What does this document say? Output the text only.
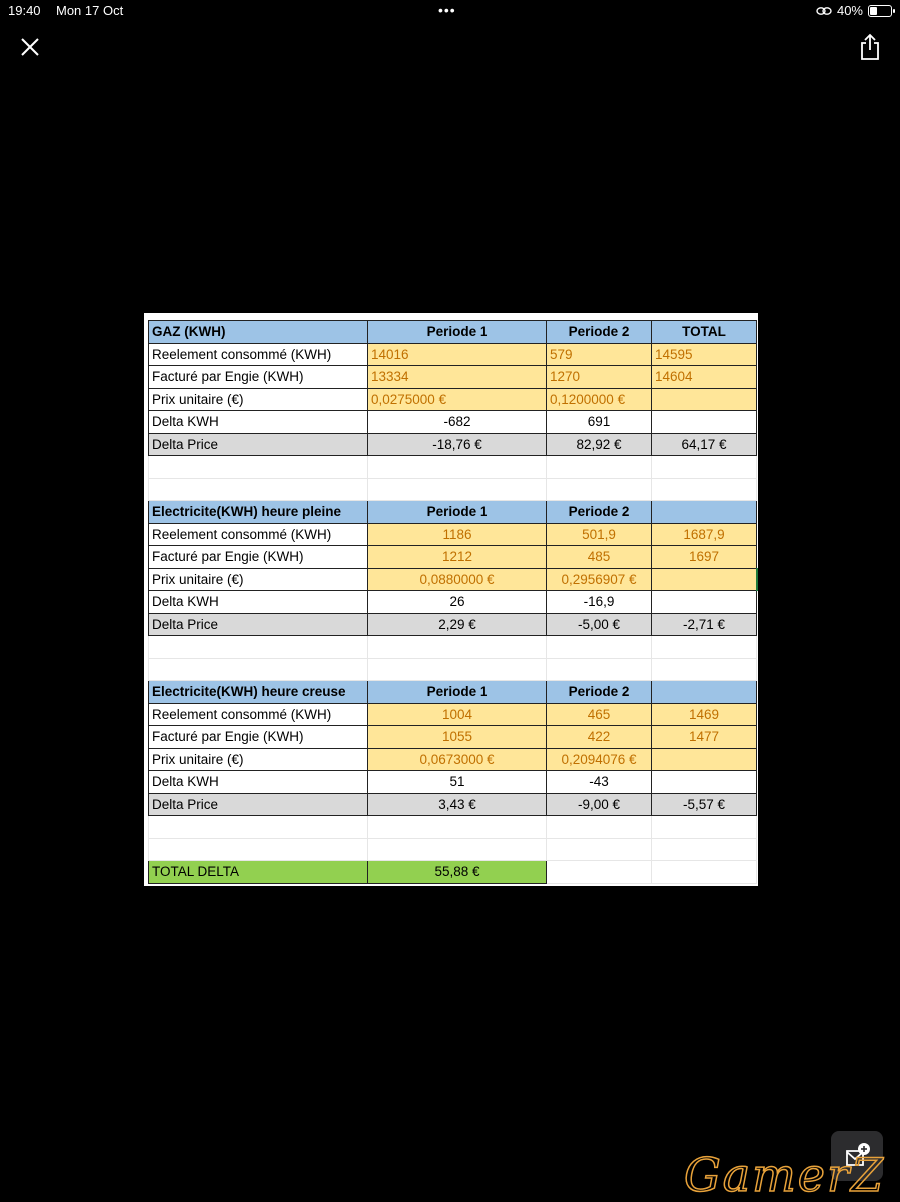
19:40 Mon 17 Oct	•••	40%
GAZ (KWH)	Periode 1	Periode 2	TOTAL
Reelement consommé (KWH)	14016	579	14595
Facturé par Engie (KWH)	13334	1270	14604
Prix unitaire (€)	0,0275000 €	0,1200000 €	
Delta KWH	-682	691	
Delta Price	-18,76 €	82,92 €	64,17 €

Electricite(KWH) heure pleine	Periode 1	Periode 2	
Reelement consommé (KWH)	1186	501,9	1687,9
Facturé par Engie (KWH)	1212	485	1697
Prix unitaire (€)	0,0880000 €	0,2956907 €	
Delta KWH	26	-16,9	
Delta Price	2,29 €	-5,00 €	-2,71 €

Electricite(KWH) heure creuse	Periode 1	Periode 2	
Reelement consommé (KWH)	1004	465	1469
Facturé par Engie (KWH)	1055	422	1477
Prix unitaire (€)	0,0673000 €	0,2094076 €	
Delta KWH	51	-43	
Delta Price	3,43 €	-9,00 €	-5,57 €

TOTAL DELTA	55,88 €		
GamerZ
